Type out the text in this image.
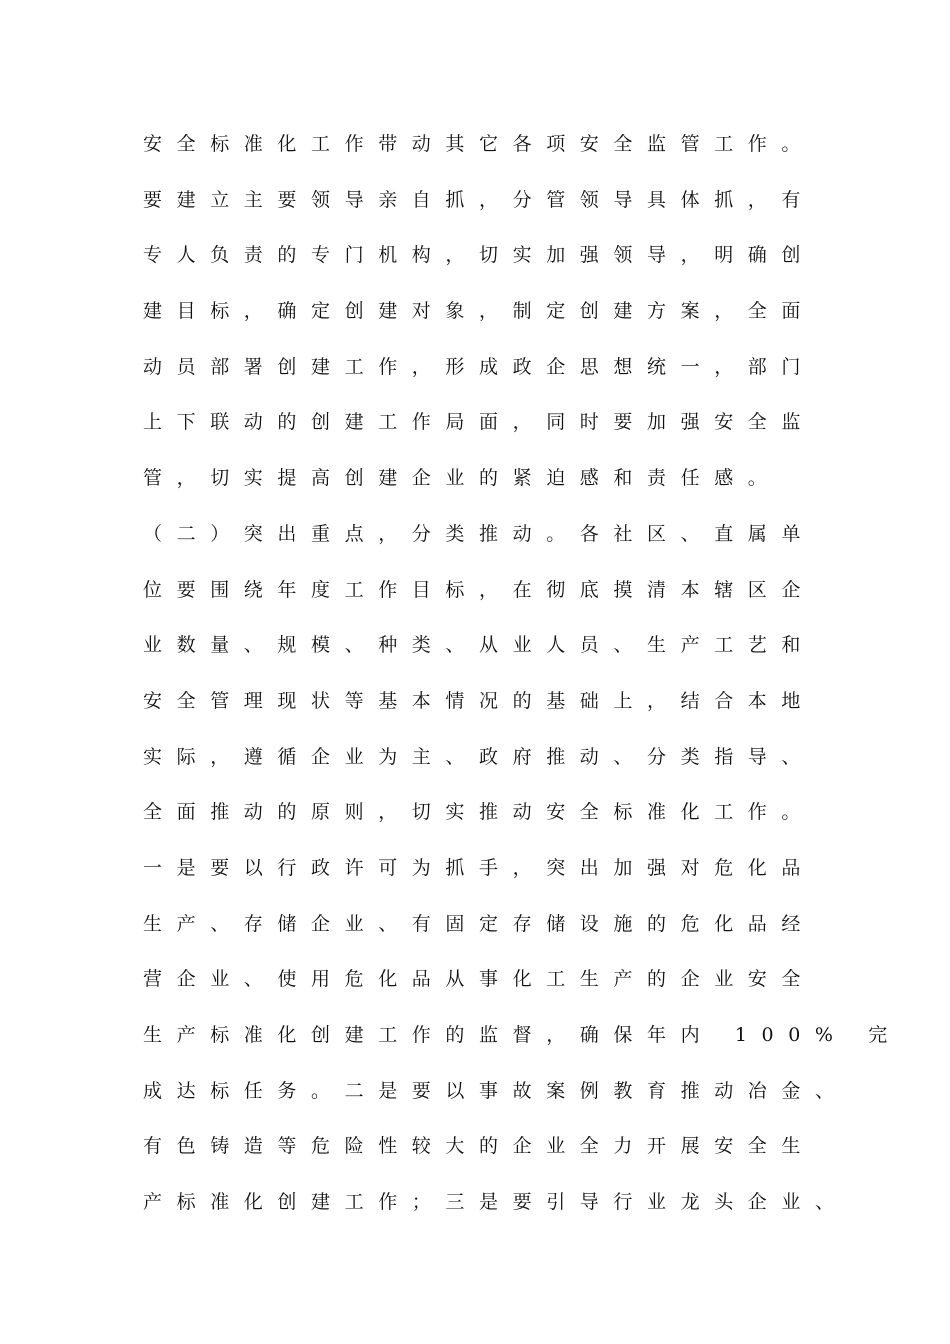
安全标准化工作带动其它各项安全监管工作。
要建立主要领导亲自抓，分管领导具体抓，有
专人负责的专门机构，切实加强领导，明确创
建目标，确定创建对象，制定创建方案，全面
动员部署创建工作，形成政企思想统一，部门
上下联动的创建工作局面，同时要加强安全监
管，切实提高创建企业的紧迫感和责任感。
（二）突出重点，分类推动。各社区、直属单
位要围绕年度工作目标，在彻底摸清本辖区企
业数量、规模、种类、从业人员、生产工艺和
安全管理现状等基本情况的基础上，结合本地
实际，遵循企业为主、政府推动、分类指导、
全面推动的原则，切实推动安全标准化工作。
一是要以行政许可为抓手，突出加强对危化品
生产、存储企业、有固定存储设施的危化品经
营企业、使用危化品从事化工生产的企业安全
生产标准化创建工作的监督，确保年内 100% 完
成达标任务。二是要以事故案例教育推动冶金、
有色铸造等危险性较大的企业全力开展安全生
产标准化创建工作；三是要引导行业龙头企业、
